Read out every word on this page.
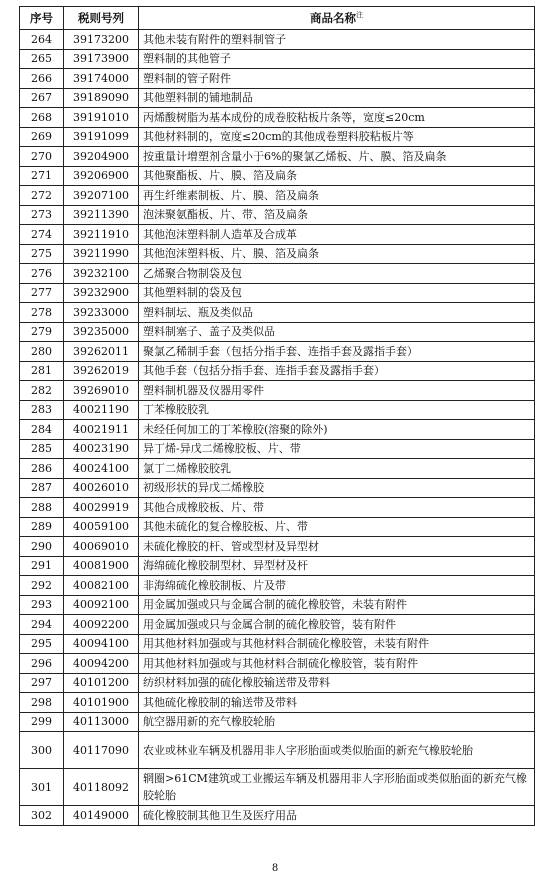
序号	税则号列	商品名称$^注$
264	39173200	其他未装有附件的塑料制管子
265	39173900	塑料制的其他管子
266	39174000	塑料制的管子附件
267	39189090	其他塑料制的铺地制品
268	39191010	丙烯酸树脂为基本成份的成卷胶粘板片条等，宽度≤20cm
269	39191099	其他材料制的，宽度≤20cm的其他成卷塑料胶粘板片等
270	39204900	按重量计增塑剂含量小于6%的聚氯乙烯板、片、膜、箔及扁条
271	39206900	其他聚酯板、片、膜、箔及扁条
272	39207100	再生纤维素制板、片、膜、箔及扁条
273	39211390	泡沫聚氨酯板、片、带、箔及扁条
274	39211910	其他泡沫塑料制人造革及合成革
275	39211990	其他泡沫塑料板、片、膜、箔及扁条
276	39232100	乙烯聚合物制袋及包
277	39232900	其他塑料制的袋及包
278	39233000	塑料制坛、瓶及类似品
279	39235000	塑料制塞子、盖子及类似品
280	39262011	聚氯乙稀制手套（包括分指手套、连指手套及露指手套）
281	39262019	其他手套（包括分指手套、连指手套及露指手套）
282	39269010	塑料制机器及仪器用零件
283	40021190	丁苯橡胶胶乳
284	40021911	未经任何加工的丁苯橡胶(溶聚的除外)
285	40023190	异丁烯-异戊二烯橡胶板、片、带
286	40024100	氯丁二烯橡胶胶乳
287	40026010	初级形状的异戊二烯橡胶
288	40029919	其他合成橡胶板、片、带
289	40059100	其他未硫化的复合橡胶板、片、带
290	40069010	未硫化橡胶的杆、管或型材及异型材
291	40081900	海绵硫化橡胶制型材、异型材及杆
292	40082100	非海绵硫化橡胶制板、片及带
293	40092100	用金属加强或只与金属合制的硫化橡胶管，未装有附件
294	40092200	用金属加强或只与金属合制的硫化橡胶管，装有附件
295	40094100	用其他材料加强或与其他材料合制硫化橡胶管，未装有附件
296	40094200	用其他材料加强或与其他材料合制硫化橡胶管，装有附件
297	40101200	纺织材料加强的硫化橡胶输送带及带料
298	40101900	其他硫化橡胶制的输送带及带料
299	40113000	航空器用新的充气橡胶轮胎
300	40117090	农业或林业车辆及机器用非人字形胎面或类似胎面的新充气橡胶轮胎
301	40118092	辋圈>61CM建筑或工业搬运车辆及机器用非人字形胎面或类似胎面的新充气橡胶轮胎
302	40149000	硫化橡胶制其他卫生及医疗用品
8
